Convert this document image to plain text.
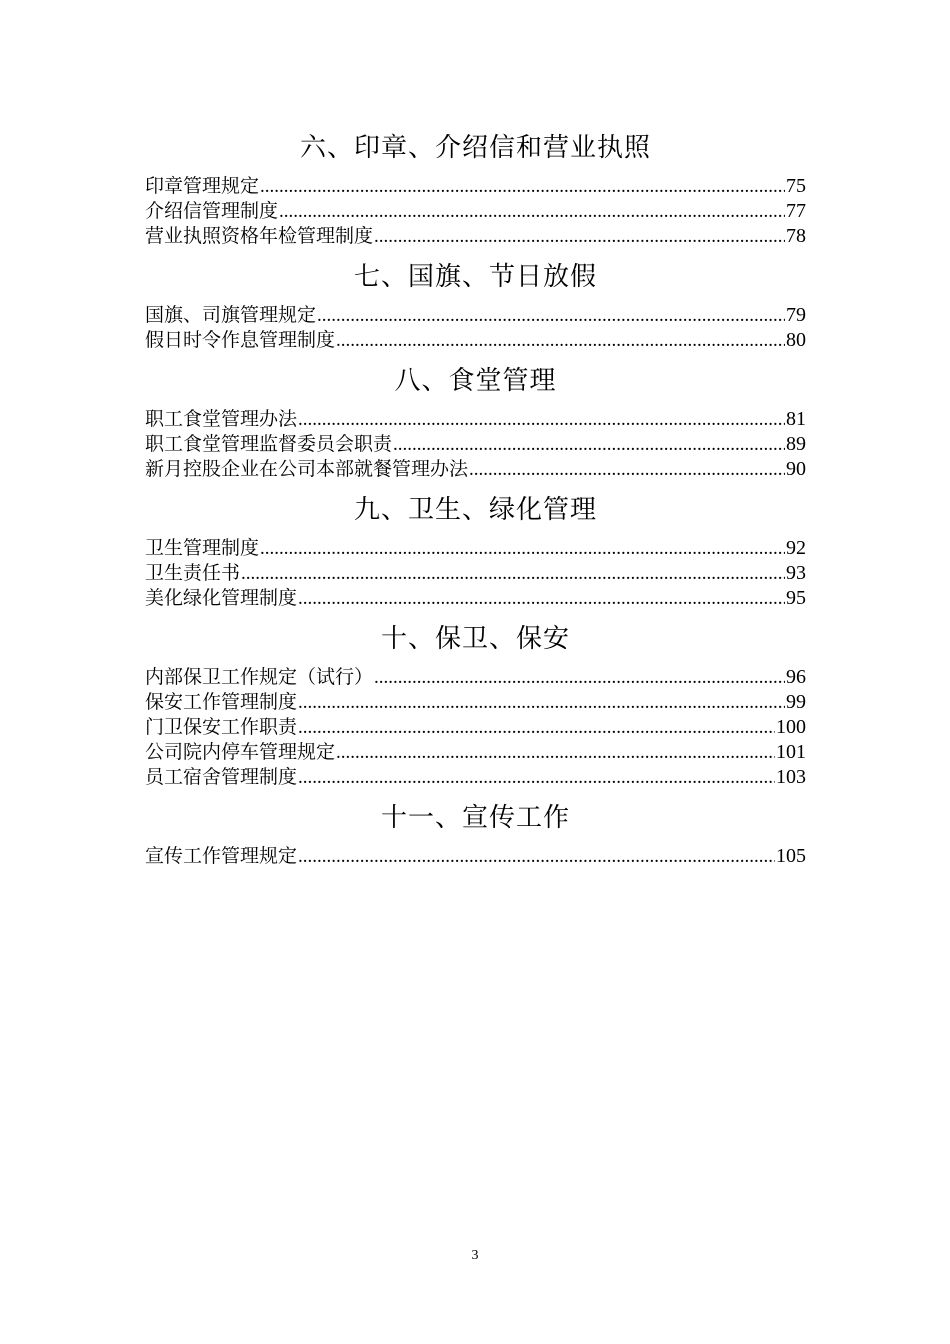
六、印章、介绍信和营业执照
印章管理规定 .....	75
介绍信管理制度 .....	77
营业执照资格年检管理制度 .....	78
七、国旗、节日放假
国旗、司旗管理规定 .....	79
假日时令作息管理制度 .....	80
八、食堂管理
职工食堂管理办法 .....	81
职工食堂管理监督委员会职责 .....	89
新月控股企业在公司本部就餐管理办法 .....	90
九、卫生、绿化管理
卫生管理制度 .....	92
卫生责任书 .....	93
美化绿化管理制度 .....	95
十、保卫、保安
内部保卫工作规定（试行） .....	96
保安工作管理制度 .....	99
门卫保安工作职责 .....	100
公司院内停车管理规定 .....	101
员工宿舍管理制度 .....	103
十一、宣传工作
宣传工作管理规定 .....	105
3
